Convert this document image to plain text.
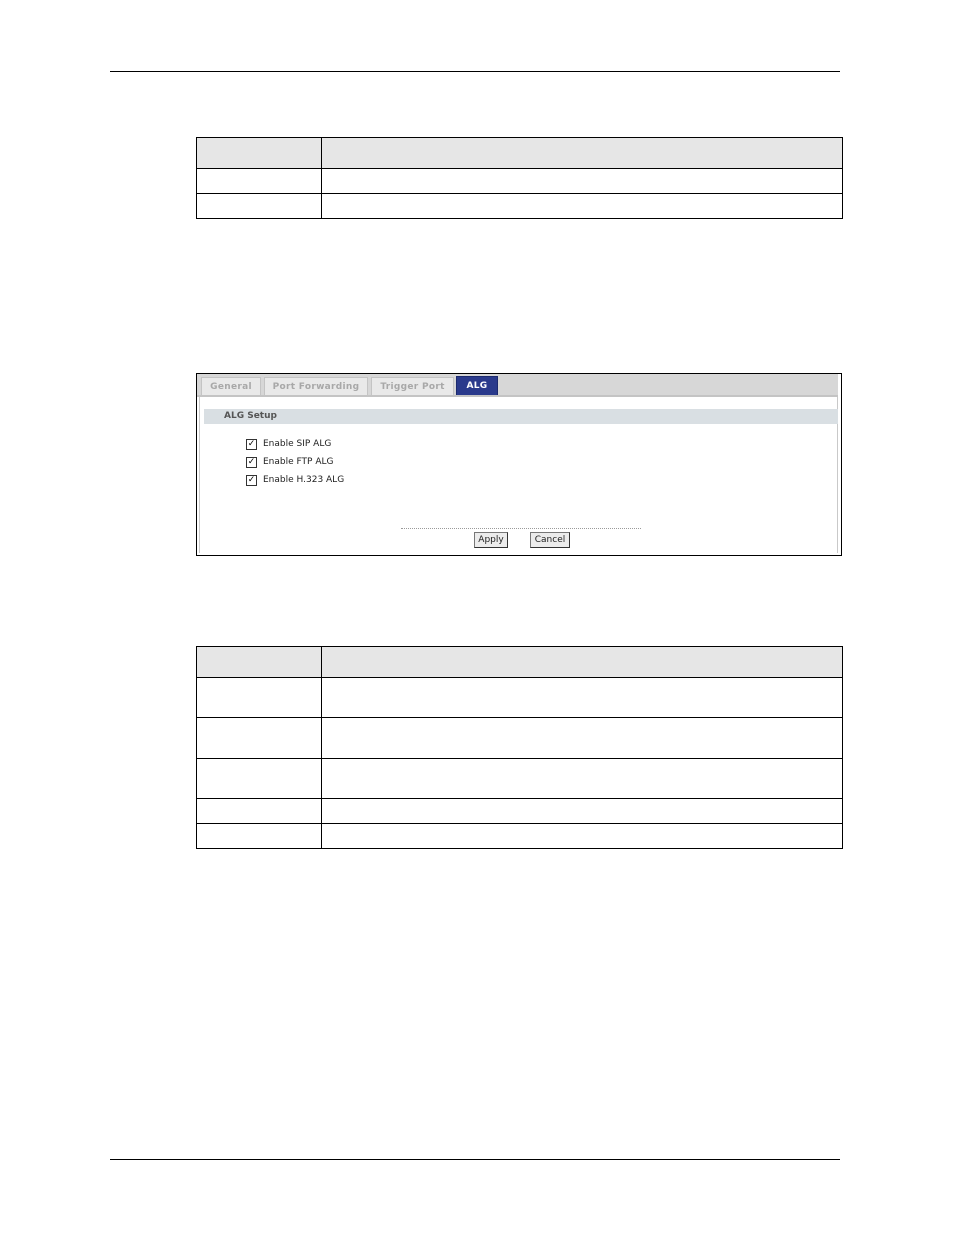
General	Port Forwarding	Trigger Port	ALG
ALG Setup
✓ Enable SIP ALG
✓ Enable FTP ALG
✓ Enable H.323 ALG
Apply	Cancel
